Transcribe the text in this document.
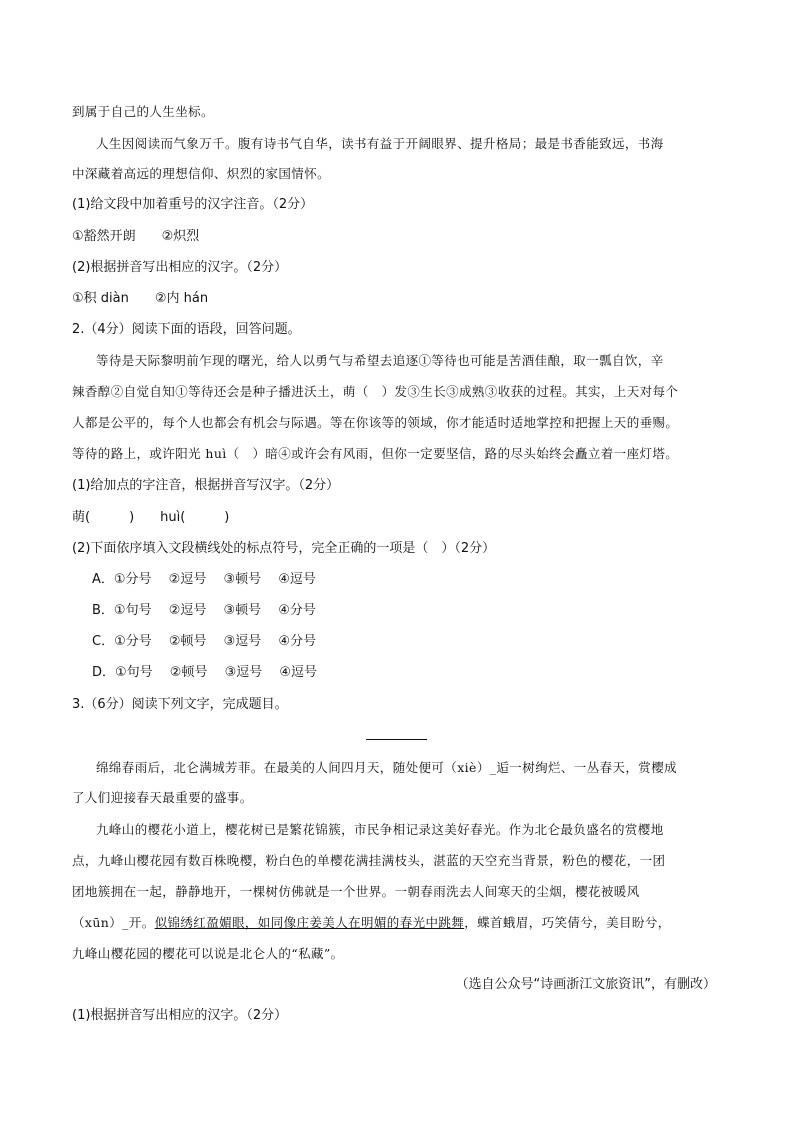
到属于自己的人生坐标。
人生因阅读而气象万千。腹有诗书气自华，读书有益于开阔眼界、提升格局；最是书香能致远，书海
中深藏着高远的理想信仰、炽烈的家国情怀。
(1)给文段中加着重号的汉字注音。（2分）
①豁然开朗　　②炽烈
(2)根据拼音写出相应的汉字。（2分）
①积 diàn　　②内 hán
2.（4分）阅读下面的语段，回答问题。
等待是天际黎明前乍现的曙光，给人以勇气与希望去追逐①等待也可能是苦酒佳酿，取一瓢自饮，辛
辣香醇②自觉自知①等待还会是种子播进沃土，萌（　）发③生长③成熟③收获的过程。其实，上天对每个
人都是公平的，每个人也都会有机会与际遇。等在你该等的领域，你才能适时适地掌控和把握上天的垂赐。
等待的路上，或许阳光 huì（　）暗④或许会有风雨，但你一定要坚信，路的尽头始终会矗立着一座灯塔。
(1)给加点的字注音，根据拼音写汉字。（2分）
萌(　　　)　　huì(　　　)
(2)下面依序填入文段横线处的标点符号，完全正确的一项是（　）（2分）
A．①分号　 ②逗号　 ③顿号　 ④逗号
B．①句号　 ②逗号　 ③顿号　 ④分号
C．①分号　 ②顿号　 ③逗号　 ④分号
D．①句号　 ②顿号　 ③逗号　 ④逗号
3.（6分）阅读下列文字，完成题目。
绵绵春雨后，北仑满城芳菲。在最美的人间四月天，随处便可（xiè）_逅一树绚烂、一丛春天，赏樱成
了人们迎接春天最重要的盛事。
九峰山的樱花小道上，樱花树已是繁花锦簇，市民争相记录这美好春光。作为北仑最负盛名的赏樱地
点，九峰山樱花园有数百株晚樱，粉白色的单樱花满挂满枝头，湛蓝的天空充当背景，粉色的樱花，一团
团地簇拥在一起，静静地开，一棵树仿佛就是一个世界。一朝春雨洗去人间寒天的尘烟，樱花被暖风
（xūn）_开。似锦绣红盈媚眼，如同像庄姜美人在明媚的春光中跳舞，蝶首蛾眉，巧笑倩兮，美目盼兮，
九峰山樱花园的樱花可以说是北仑人的“私藏”。
（选自公众号“诗画浙江文旅资讯”，有删改）
(1)根据拼音写出相应的汉字。（2分）
